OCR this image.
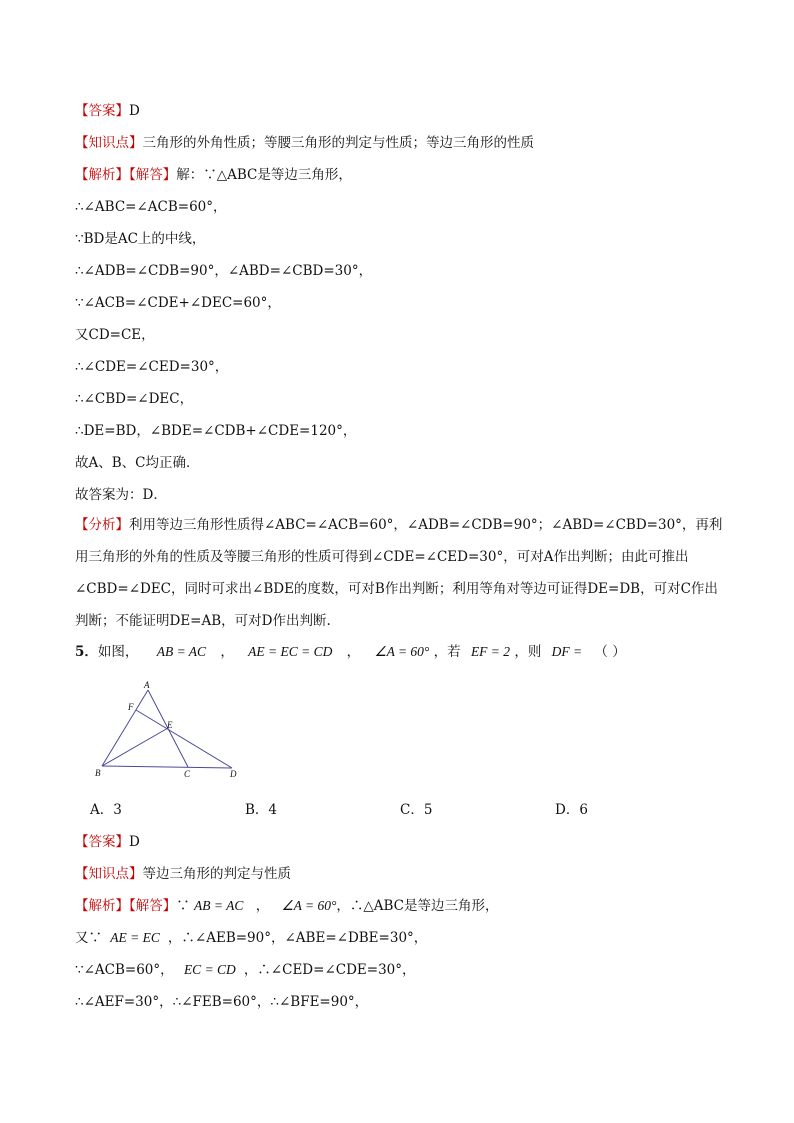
【答案】D
【知识点】三角形的外角性质；等腰三角形的判定与性质；等边三角形的性质
【解析】【解答】解：∵△ABC是等边三角形，
∴∠ABC=∠ACB=60°，
∵BD是AC上的中线，
∴∠ADB=∠CDB=90°，∠ABD=∠CBD=30°，
∵∠ACB=∠CDE+∠DEC=60°，
又CD=CE，
∴∠CDE=∠CED=30°，
∴∠CBD=∠DEC，
∴DE=BD，∠BDE=∠CDB+∠CDE=120°，
故A、B、C均正确．
故答案为：D．
【分析】利用等边三角形性质得∠ABC=∠ACB=60°，∠ADB=∠CDB=90°；∠ABD=∠CBD=30°，再利用三角形的外角的性质及等腰三角形的性质可得到∠CDE=∠CED=30°，可对A作出判断；由此可推出∠CBD=∠DEC，同时可求出∠BDE的度数，可对B作出判断；利用等角对等边可证得DE=DB，可对C作出判断；不能证明DE=AB，可对D作出判断.
5．如图， AB = AC ， AE = EC = CD ， ∠A = 60° ，若 EF = 2 ，则 DF = （ ）
A
F
E
B	C	D
A．3	B．4	C．5	D．6
【答案】D
【知识点】等边三角形的判定与性质
【解析】【解答】∵ AB = AC ， ∠A = 60°，∴△ABC是等边三角形，
又∵ AE = EC ，∴∠AEB=90°，∠ABE=∠DBE=30°，
∵∠ACB=60°， EC = CD ，∴∠CED=∠CDE=30°，
∴∠AEF=30°，∴∠FEB=60°，∴∠BFE=90°，
